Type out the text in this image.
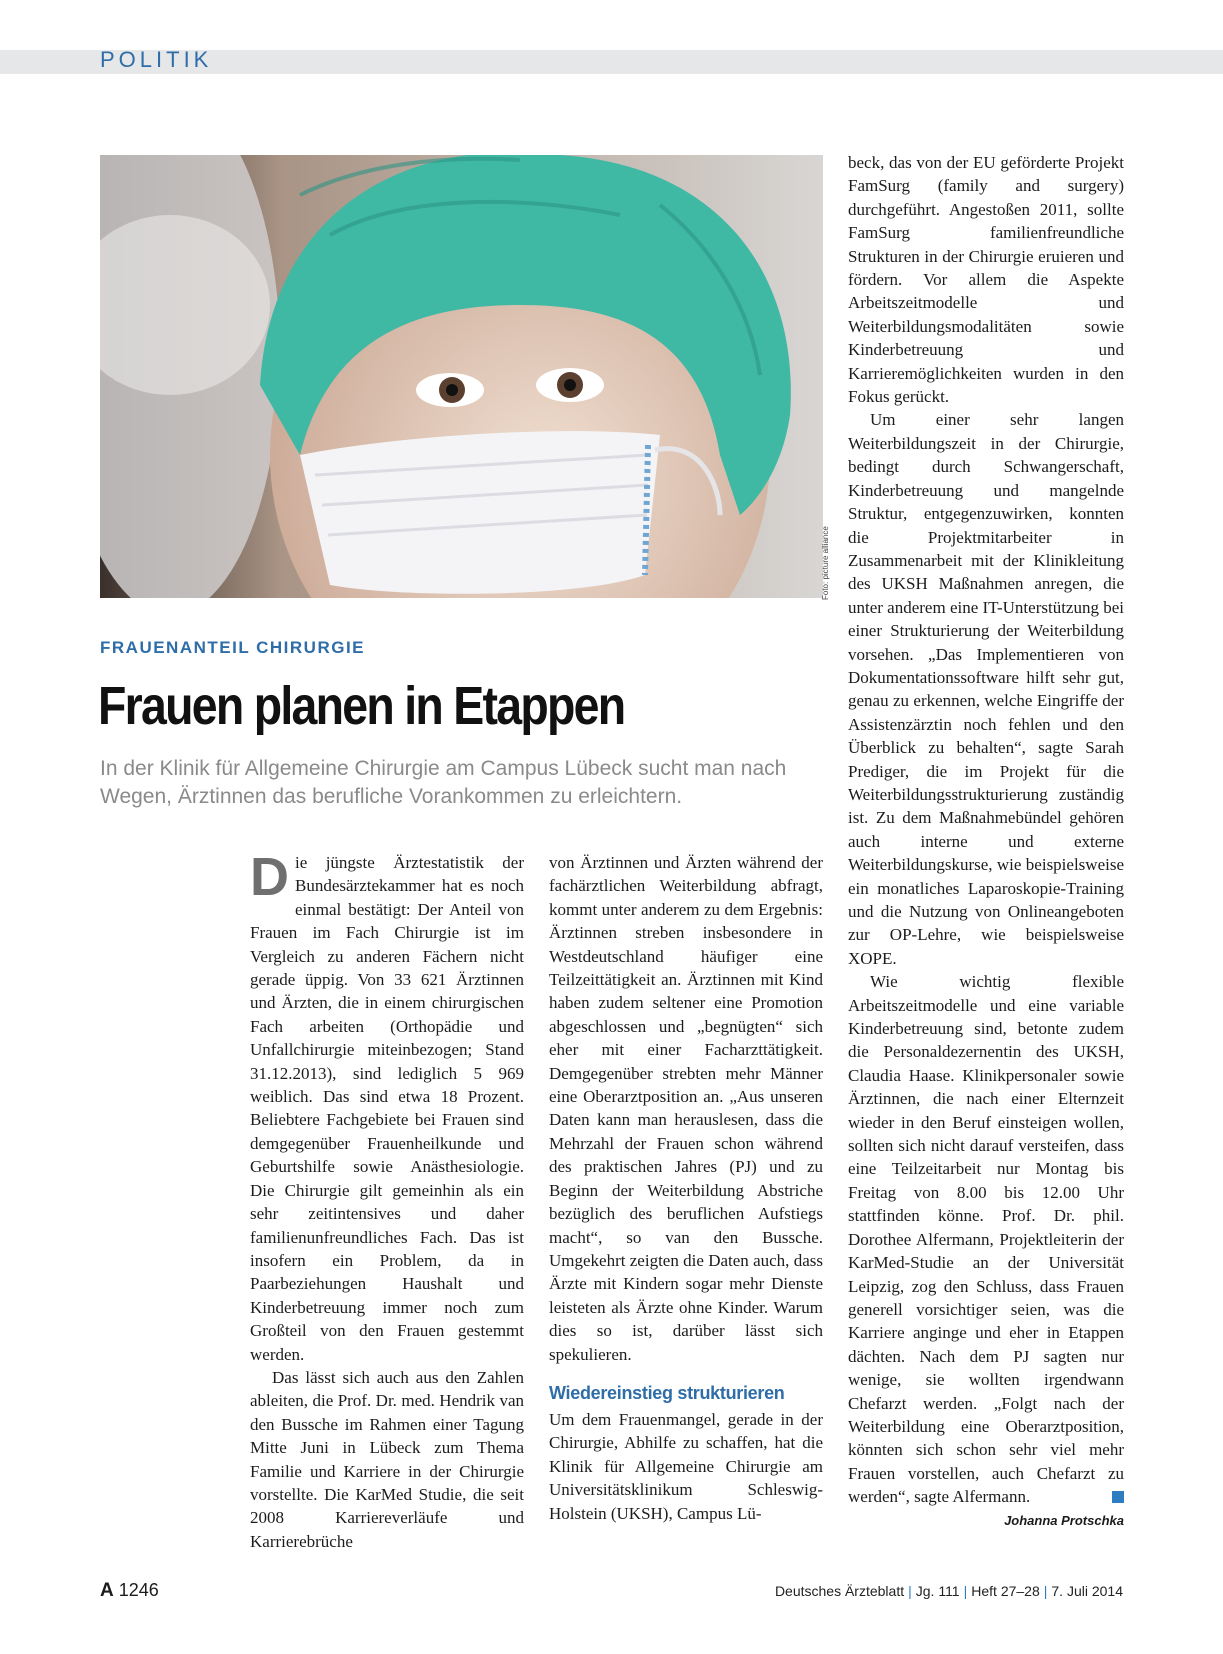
POLITIK
Foto: picture alliance
FRAUENANTEIL CHIRURGIE
Frauen planen in Etappen
In der Klinik für Allgemeine Chirurgie am Campus Lübeck sucht man nach Wegen, Ärztinnen das berufliche Vorankommen zu erleichtern.

Die jüngste Ärztestatistik der Bundesärztekammer hat es noch einmal bestätigt: Der Anteil von Frauen im Fach Chirurgie ist im Vergleich zu anderen Fächern nicht gerade üppig. Von 33 621 Ärztinnen und Ärzten, die in einem chirurgischen Fach arbeiten (Orthopädie und Unfallchirurgie miteinbezogen; Stand 31.12.2013), sind lediglich 5 969 weiblich. Das sind etwa 18 Prozent. Beliebtere Fachgebiete bei Frauen sind demgegenüber Frauenheilkunde und Geburtshilfe sowie Anästhesiologie. Die Chirurgie gilt gemeinhin als ein sehr zeitintensives und daher familienunfreundliches Fach. Das ist insofern ein Problem, da in Paarbeziehungen Haushalt und Kinderbetreuung immer noch zum Großteil von den Frauen gestemmt werden.

Das lässt sich auch aus den Zahlen ableiten, die Prof. Dr. med. Hendrik van den Bussche im Rahmen einer Tagung Mitte Juni in Lübeck zum Thema Familie und Karriere in der Chirurgie vorstellte. Die KarMed Studie, die seit 2008 Karriereverläufe und Karrierebrüche

von Ärztinnen und Ärzten während der fachärztlichen Weiterbildung abfragt, kommt unter anderem zu dem Ergebnis: Ärztinnen streben insbesondere in Westdeutschland häufiger eine Teilzeittätigkeit an. Ärztinnen mit Kind haben zudem seltener eine Promotion abgeschlossen und „begnügten“ sich eher mit einer Facharzttätigkeit. Demgegenüber strebten mehr Männer eine Oberarztposition an. „Aus unseren Daten kann man herauslesen, dass die Mehrzahl der Frauen schon während des praktischen Jahres (PJ) und zu Beginn der Weiterbildung Abstriche bezüglich des beruflichen Aufstiegs macht“, so van den Bussche. Umgekehrt zeigten die Daten auch, dass Ärzte mit Kindern sogar mehr Dienste leisteten als Ärzte ohne Kinder. Warum dies so ist, darüber lässt sich spekulieren.

Wiedereinstieg strukturieren

Um dem Frauenmangel, gerade in der Chirurgie, Abhilfe zu schaffen, hat die Klinik für Allgemeine Chirurgie am Universitätsklinikum Schleswig-Holstein (UKSH), Campus Lü-

beck, das von der EU geförderte Projekt FamSurg (family and surgery) durchgeführt. Angestoßen 2011, sollte FamSurg familienfreundliche Strukturen in der Chirurgie eruieren und fördern. Vor allem die Aspekte Arbeitszeitmodelle und Weiterbildungsmodalitäten sowie Kinderbetreuung und Karrieremöglichkeiten wurden in den Fokus gerückt.

Um einer sehr langen Weiterbildungszeit in der Chirurgie, bedingt durch Schwangerschaft, Kinderbetreuung und mangelnde Struktur, entgegenzuwirken, konnten die Projektmitarbeiter in Zusammenarbeit mit der Klinikleitung des UKSH Maßnahmen anregen, die unter anderem eine IT-Unterstützung bei einer Strukturierung der Weiterbildung vorsehen. „Das Implementieren von Dokumentationssoftware hilft sehr gut, genau zu erkennen, welche Eingriffe der Assistenzärztin noch fehlen und den Überblick zu behalten“, sagte Sarah Prediger, die im Projekt für die Weiterbildungsstrukturierung zuständig ist. Zu dem Maßnahmebündel gehören auch interne und externe Weiterbildungskurse, wie beispielsweise ein monatliches Laparoskopie-Training und die Nutzung von Onlineangeboten zur OP-Lehre, wie beispielsweise XOPE.

Wie wichtig flexible Arbeitszeitmodelle und eine variable Kinderbetreuung sind, betonte zudem die Personaldezernentin des UKSH, Claudia Haase. Klinikpersonaler sowie Ärztinnen, die nach einer Elternzeit wieder in den Beruf einsteigen wollen, sollten sich nicht darauf versteifen, dass eine Teilzeitarbeit nur Montag bis Freitag von 8.00 bis 12.00 Uhr stattfinden könne. Prof. Dr. phil. Dorothee Alfermann, Projektleiterin der KarMed-Studie an der Universität Leipzig, zog den Schluss, dass Frauen generell vorsichtiger seien, was die Karriere anginge und eher in Etappen dächten. Nach dem PJ sagten nur wenige, sie wollten irgendwann Chefarzt werden. „Folgt nach der Weiterbildung eine Oberarztposition, könnten sich schon sehr viel mehr Frauen vorstellen, auch Chefarzt zu werden“, sagte Alfermann.

Johanna Protschka
A 1246	Deutsches Ärzteblatt | Jg. 111 | Heft 27–28 | 7. Juli 2014
